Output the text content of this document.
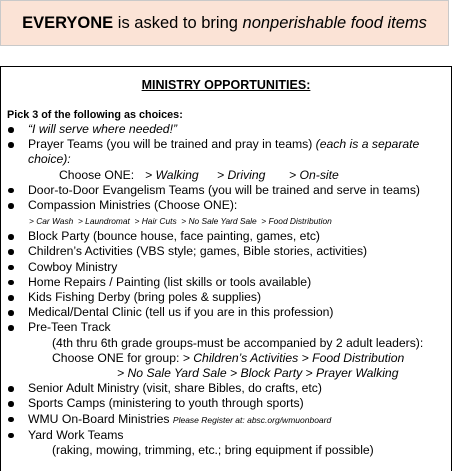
EVERYONE is asked to bring nonperishable food items
MINISTRY OPPORTUNITIES:
Pick 3 of the following as choices:
“I will serve where needed!”
Prayer Teams (you will be trained and pray in teams) (each is a separate choice):
Choose ONE: > Walking > Driving > On-site
Door-to-Door Evangelism Teams (you will be trained and serve in teams)
Compassion Ministries (Choose ONE):
> Car Wash  > Laundromat  > Hair Cuts  > No Sale Yard Sale  > Food Distribution
Block Party (bounce house, face painting, games, etc)
Children’s Activities (VBS style; games, Bible stories, activities)
Cowboy Ministry
Home Repairs / Painting (list skills or tools available)
Kids Fishing Derby (bring poles & supplies)
Medical/Dental Clinic (tell us if you are in this profession)
Pre-Teen Track
(4th thru 6th grade groups-must be accompanied by 2 adult leaders):
Choose ONE for group: > Children’s Activities > Food Distribution
> No Sale Yard Sale > Block Party > Prayer Walking
Senior Adult Ministry (visit, share Bibles, do crafts, etc)
Sports Camps (ministering to youth through sports)
WMU On-Board Ministries Please Register at: absc.org/wmuonboard
Yard Work Teams
(raking, mowing, trimming, etc.; bring equipment if possible)
